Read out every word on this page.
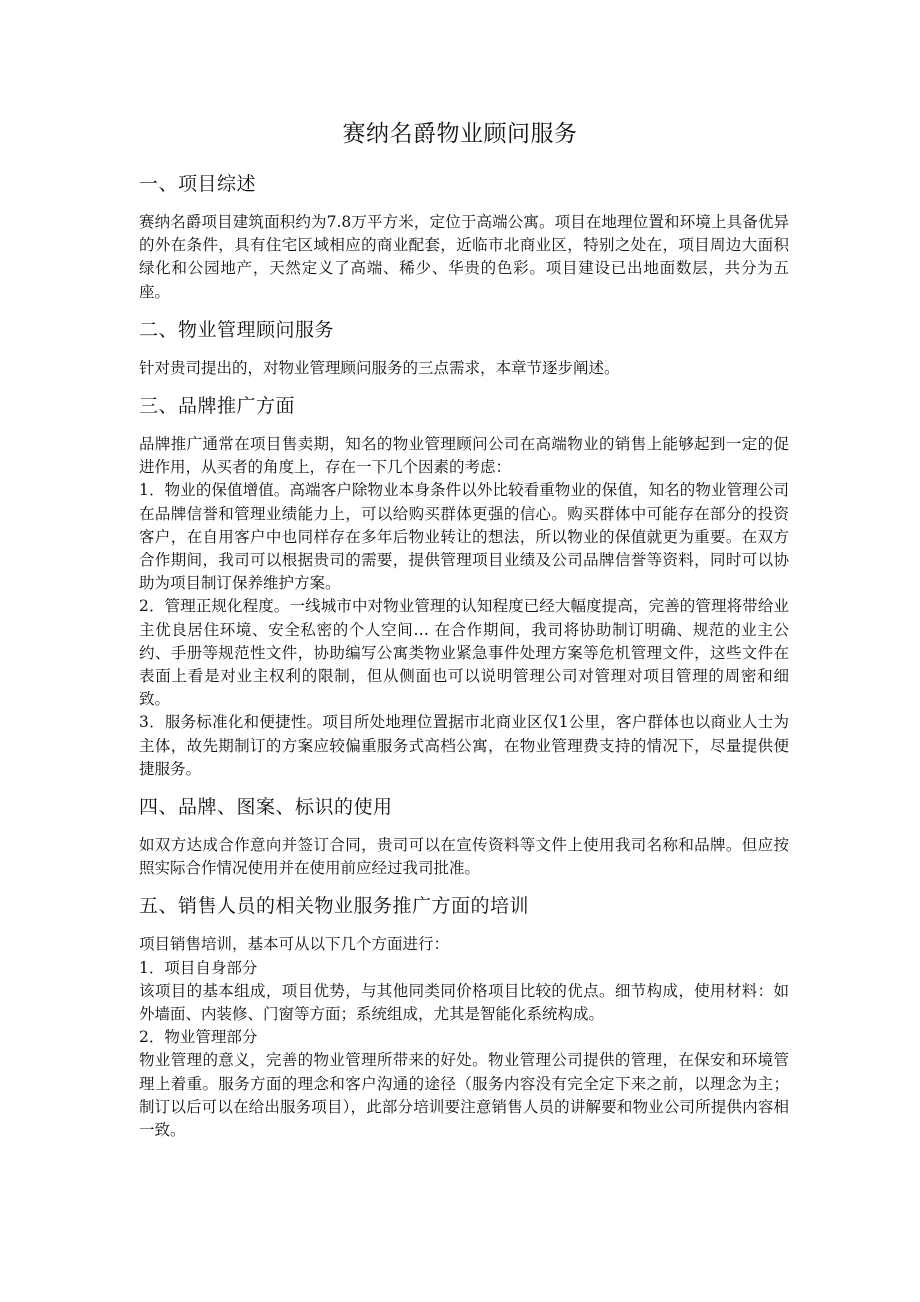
赛纳名爵物业顾问服务
一、项目综述

赛纳名爵项目建筑面积约为7.8万平方米，定位于高端公寓。项目在地理位置和环境上具备优异的外在条件，具有住宅区域相应的商业配套，近临市北商业区，特别之处在，项目周边大面积绿化和公园地产，天然定义了高端、稀少、华贵的色彩。项目建设已出地面数层，共分为五座。

二、物业管理顾问服务

针对贵司提出的，对物业管理顾问服务的三点需求，本章节逐步阐述。

三、品牌推广方面

品牌推广通常在项目售卖期，知名的物业管理顾问公司在高端物业的销售上能够起到一定的促进作用，从买者的角度上，存在一下几个因素的考虑：

1．物业的保值增值。高端客户除物业本身条件以外比较看重物业的保值，知名的物业管理公司在品牌信誉和管理业绩能力上，可以给购买群体更强的信心。购买群体中可能存在部分的投资客户，在自用客户中也同样存在多年后物业转让的想法，所以物业的保值就更为重要。在双方合作期间，我司可以根据贵司的需要，提供管理项目业绩及公司品牌信誉等资料，同时可以协助为项目制订保养维护方案。

2．管理正规化程度。一线城市中对物业管理的认知程度已经大幅度提高，完善的管理将带给业主优良居住环境、安全私密的个人空间… 在合作期间，我司将协助制订明确、规范的业主公约、手册等规范性文件，协助编写公寓类物业紧急事件处理方案等危机管理文件，这些文件在表面上看是对业主权利的限制，但从侧面也可以说明管理公司对管理对项目管理的周密和细致。

3．服务标准化和便捷性。项目所处地理位置据市北商业区仅1公里，客户群体也以商业人士为主体，故先期制订的方案应较偏重服务式高档公寓，在物业管理费支持的情况下，尽量提供便捷服务。

四、品牌、图案、标识的使用

如双方达成合作意向并签订合同，贵司可以在宣传资料等文件上使用我司名称和品牌。但应按照实际合作情况使用并在使用前应经过我司批准。

五、销售人员的相关物业服务推广方面的培训

项目销售培训，基本可从以下几个方面进行：

1．项目自身部分

该项目的基本组成，项目优势，与其他同类同价格项目比较的优点。细节构成，使用材料：如外墙面、内装修、门窗等方面；系统组成，尤其是智能化系统构成。

2．物业管理部分

物业管理的意义，完善的物业管理所带来的好处。物业管理公司提供的管理，在保安和环境管理上着重。服务方面的理念和客户沟通的途径（服务内容没有完全定下来之前，以理念为主；制订以后可以在给出服务项目），此部分培训要注意销售人员的讲解要和物业公司所提供内容相一致。
